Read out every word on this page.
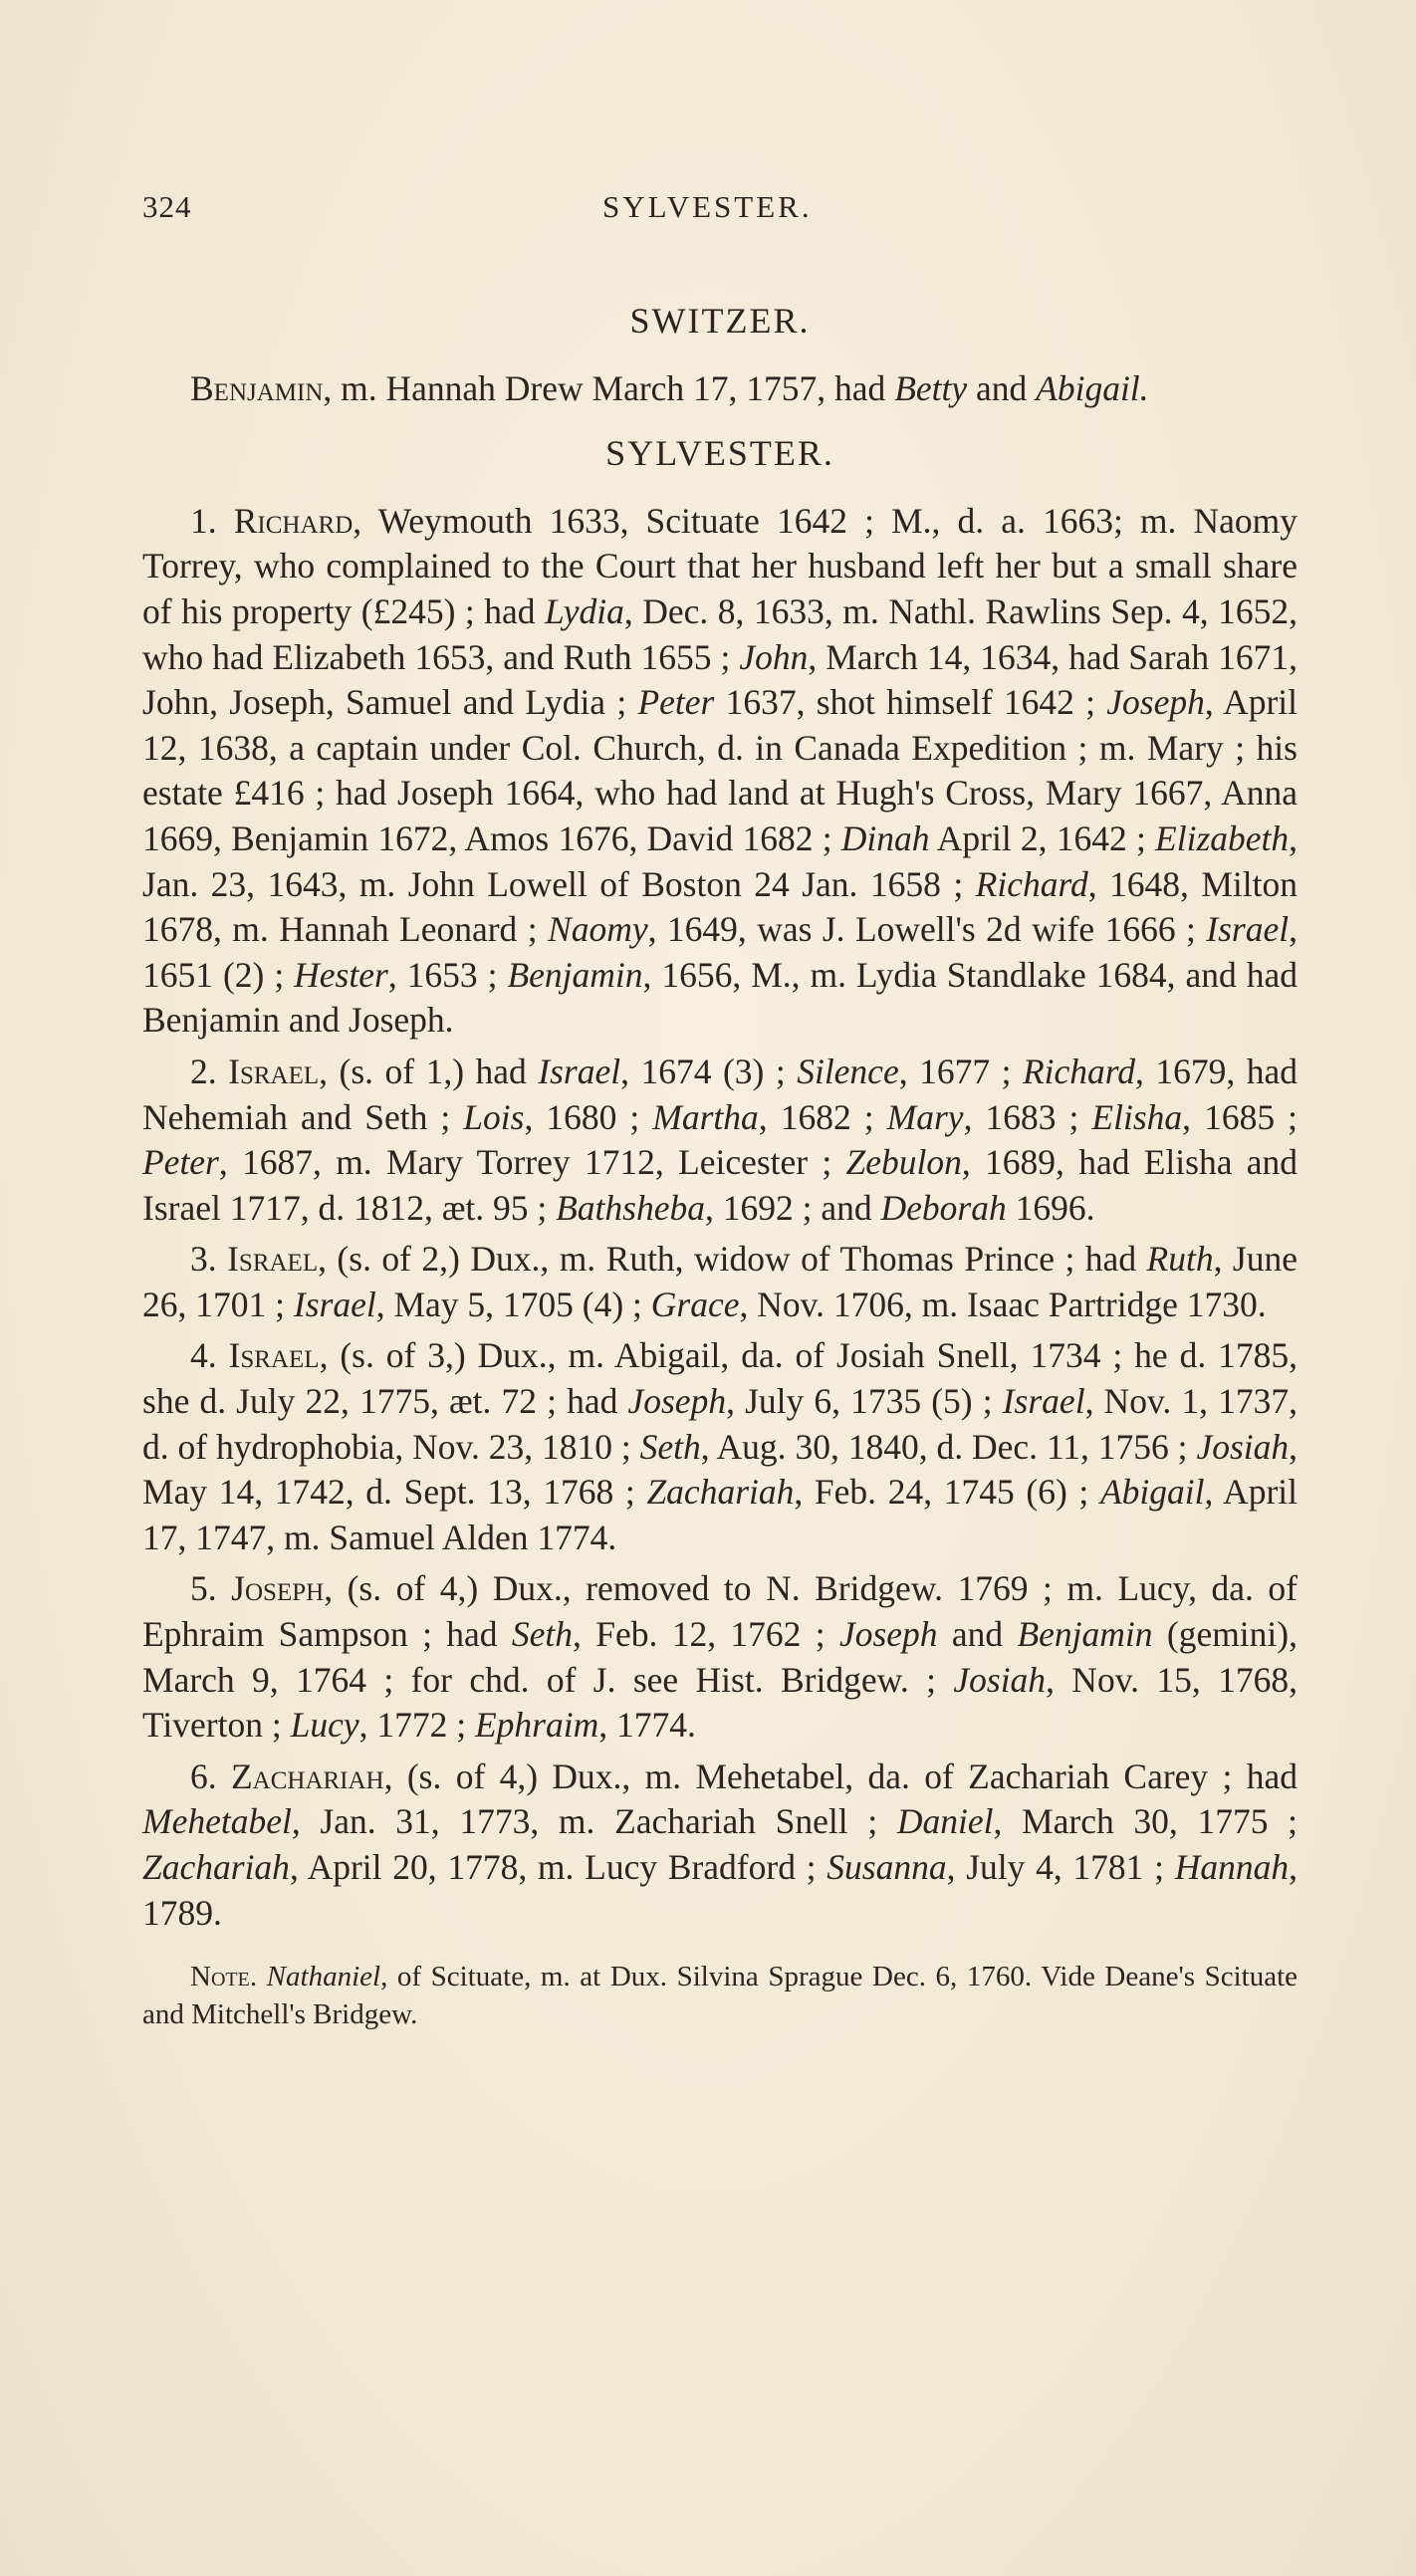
324	SYLVESTER.
SWITZER.

Benjamin, m. Hannah Drew March 17, 1757, had Betty and Abigail.

SYLVESTER.

1. Richard, Weymouth 1633, Scituate 1642 ; M., d. a. 1663; m. Naomy Torrey, who complained to the Court that her husband left her but a small share of his property (£245) ; had Lydia, Dec. 8, 1633, m. Nathl. Rawlins Sep. 4, 1652, who had Elizabeth 1653, and Ruth 1655 ; John, March 14, 1634, had Sarah 1671, John, Joseph, Samuel and Lydia ; Peter 1637, shot himself 1642 ; Joseph, April 12, 1638, a captain under Col. Church, d. in Canada Expedition ; m. Mary ; his estate £416 ; had Joseph 1664, who had land at Hugh's Cross, Mary 1667, Anna 1669, Benjamin 1672, Amos 1676, David 1682 ; Dinah April 2, 1642 ; Elizabeth, Jan. 23, 1643, m. John Lowell of Boston 24 Jan. 1658 ; Richard, 1648, Milton 1678, m. Hannah Leonard ; Naomy, 1649, was J. Lowell's 2d wife 1666 ; Israel, 1651 (2) ; Hester, 1653 ; Benjamin, 1656, M., m. Lydia Standlake 1684, and had Benjamin and Joseph.

2. Israel, (s. of 1,) had Israel, 1674 (3) ; Silence, 1677 ; Richard, 1679, had Nehemiah and Seth ; Lois, 1680 ; Martha, 1682 ; Mary, 1683 ; Elisha, 1685 ; Peter, 1687, m. Mary Torrey 1712, Leicester ; Zebulon, 1689, had Elisha and Israel 1717, d. 1812, æt. 95 ; Bathsheba, 1692 ; and Deborah 1696.

3. Israel, (s. of 2,) Dux., m. Ruth, widow of Thomas Prince ; had Ruth, June 26, 1701 ; Israel, May 5, 1705 (4) ; Grace, Nov. 1706, m. Isaac Partridge 1730.

4. Israel, (s. of 3,) Dux., m. Abigail, da. of Josiah Snell, 1734 ; he d. 1785, she d. July 22, 1775, æt. 72 ; had Joseph, July 6, 1735 (5) ; Israel, Nov. 1, 1737, d. of hydrophobia, Nov. 23, 1810 ; Seth, Aug. 30, 1840, d. Dec. 11, 1756 ; Josiah, May 14, 1742, d. Sept. 13, 1768 ; Zachariah, Feb. 24, 1745 (6) ; Abigail, April 17, 1747, m. Samuel Alden 1774.

5. Joseph, (s. of 4,) Dux., removed to N. Bridgew. 1769 ; m. Lucy, da. of Ephraim Sampson ; had Seth, Feb. 12, 1762 ; Joseph and Benjamin (gemini), March 9, 1764 ; for chd. of J. see Hist. Bridgew. ; Josiah, Nov. 15, 1768, Tiverton ; Lucy, 1772 ; Ephraim, 1774.

6. Zachariah, (s. of 4,) Dux., m. Mehetabel, da. of Zachariah Carey ; had Mehetabel, Jan. 31, 1773, m. Zachariah Snell ; Daniel, March 30, 1775 ; Zachariah, April 20, 1778, m. Lucy Bradford ; Susanna, July 4, 1781 ; Hannah, 1789.

Note. Nathaniel, of Scituate, m. at Dux. Silvina Sprague Dec. 6, 1760. Vide Deane's Scituate and Mitchell's Bridgew.
